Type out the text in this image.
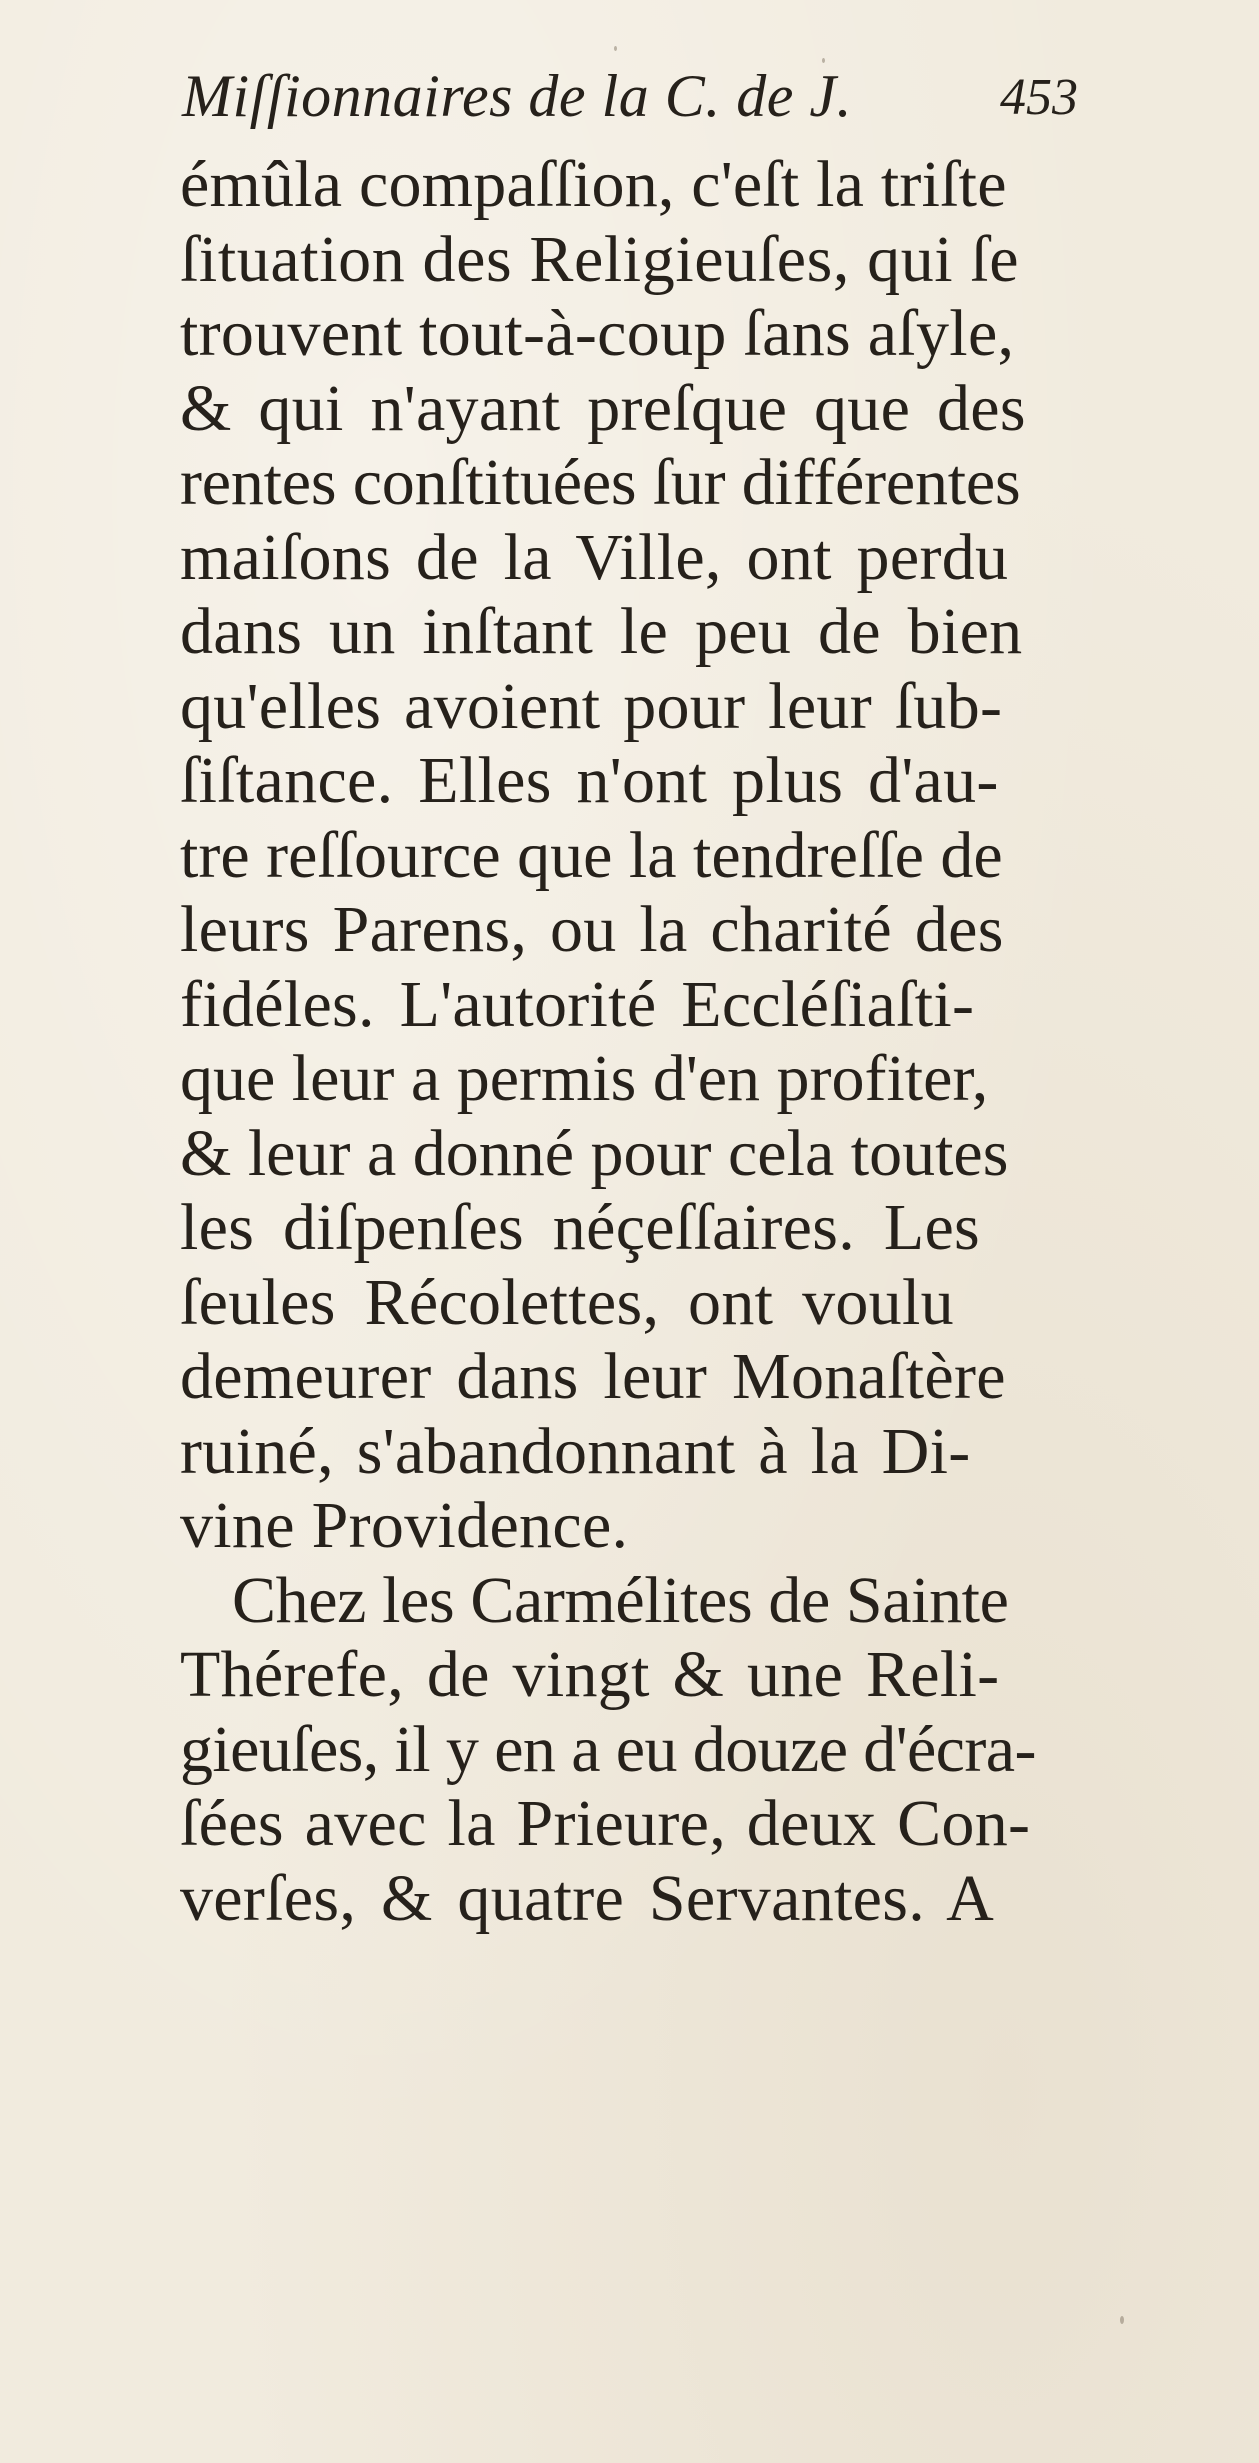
Miſſionnaires de la C. de J.	453
émûla compaſſion, c'eſt la triſte
ſituation des Religieuſes, qui ſe
trouvent tout-à-coup ſans aſyle,
& qui n'ayant preſque que des
rentes conſtituées ſur différentes
maiſons de la Ville, ont perdu
dans un inſtant le peu de bien
qu'elles avoient pour leur ſub-
ſiſtance. Elles n'ont plus d'au-
tre reſſource que la tendreſſe de
leurs Parens, ou la charité des
fidéles. L'autorité Eccléſiaſti-
que leur a permis d'en profiter,
& leur a donné pour cela toutes
les diſpenſes néçeſſaires. Les
ſeules Récolettes, ont voulu
demeurer dans leur Monaſtère
ruiné, s'abandonnant à la Di-
vine Providence.
Chez les Carmélites de Sainte
Thérefe, de vingt & une Reli-
gieuſes, il y en a eu douze d'écra-
ſées avec la Prieure, deux Con-
verſes, & quatre Servantes. A
